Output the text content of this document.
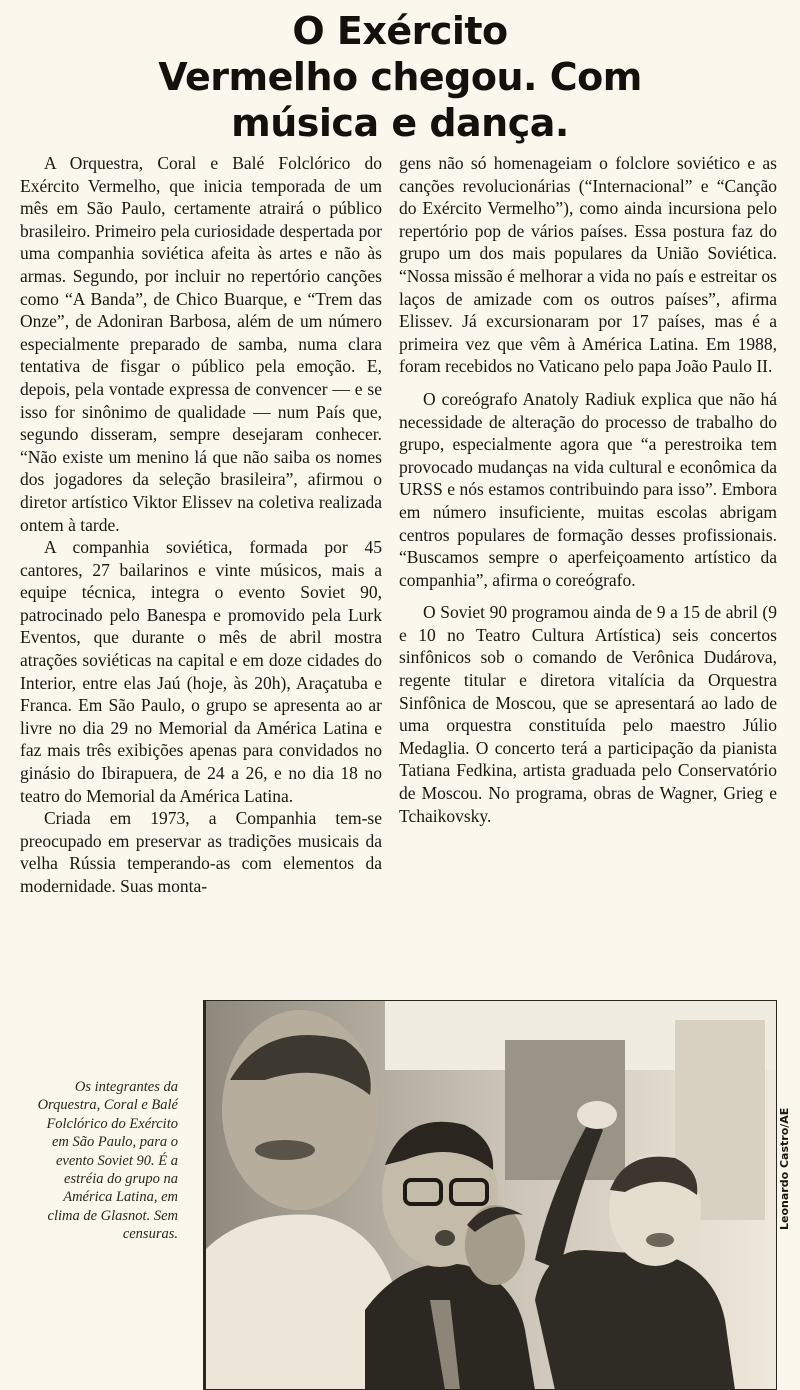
O Exército
Vermelho chegou. Com
música e dança.

A Orquestra, Coral e Balé Folclórico do Exército Vermelho, que inicia temporada de um mês em São Paulo, certamente atrairá o público brasileiro. Primeiro pela curiosidade despertada por uma companhia soviética afeita às artes e não às armas. Segundo, por incluir no repertório canções como “A Banda”, de Chico Buarque, e “Trem das Onze”, de Adoniran Barbosa, além de um número especialmente preparado de samba, numa clara tentativa de fisgar o público pela emoção. E, depois, pela vontade expressa de convencer — e se isso for sinônimo de qualidade — num País que, segundo disseram, sempre desejaram conhecer. “Não existe um menino lá que não saiba os nomes dos jogadores da seleção brasileira”, afirmou o diretor artístico Viktor Elissev na coletiva realizada ontem à tarde.

A companhia soviética, formada por 45 cantores, 27 bailarinos e vinte músicos, mais a equipe técnica, integra o evento Soviet 90, patrocinado pelo Banespa e promovido pela Lurk Eventos, que durante o mês de abril mostra atrações soviéticas na capital e em doze cidades do Interior, entre elas Jaú (hoje, às 20h), Araçatuba e Franca. Em São Paulo, o grupo se apresenta ao ar livre no dia 29 no Memorial da América Latina e faz mais três exibições apenas para convidados no ginásio do Ibirapuera, de 24 a 26, e no dia 18 no teatro do Memorial da América Latina.

Criada em 1973, a Companhia tem-se preocupado em preservar as tradições musicais da velha Rússia temperando-as com elementos da modernidade. Suas monta-

gens não só homenageiam o folclore soviético e as canções revolucionárias (“Internacional” e “Canção do Exército Vermelho”), como ainda incursiona pelo repertório pop de vários países. Essa postura faz do grupo um dos mais populares da União Soviética. “Nossa missão é melhorar a vida no país e estreitar os laços de amizade com os outros países”, afirma Elissev. Já excursionaram por 17 países, mas é a primeira vez que vêm à América Latina. Em 1988, foram recebidos no Vaticano pelo papa João Paulo II.

O coreógrafo Anatoly Radiuk explica que não há necessidade de alteração do processo de trabalho do grupo, especialmente agora que “a perestroika tem provocado mudanças na vida cultural e econômica da URSS e nós estamos contribuindo para isso”. Embora em número insuficiente, muitas escolas abrigam centros populares de formação desses profissionais. “Buscamos sempre o aperfeiçoamento artístico da companhia”, afirma o coreógrafo.

O Soviet 90 programou ainda de 9 a 15 de abril (9 e 10 no Teatro Cultura Artística) seis concertos sinfônicos sob o comando de Verônica Dudárova, regente titular e diretora vitalícia da Orquestra Sinfônica de Moscou, que se apresentará ao lado de uma orquestra constituída pelo maestro Júlio Medaglia. O concerto terá a participação da pianista Tatiana Fedkina, artista graduada pelo Conservatório de Moscou. No programa, obras de Wagner, Grieg e Tchaikovsky.

Os integrantes da Orquestra, Coral e Balé Folclórico do Exército em São Paulo, para o evento Soviet 90. É a estréia do grupo na América Latina, em clima de Glasnot. Sem censuras.
Leonardo Castro/AE
